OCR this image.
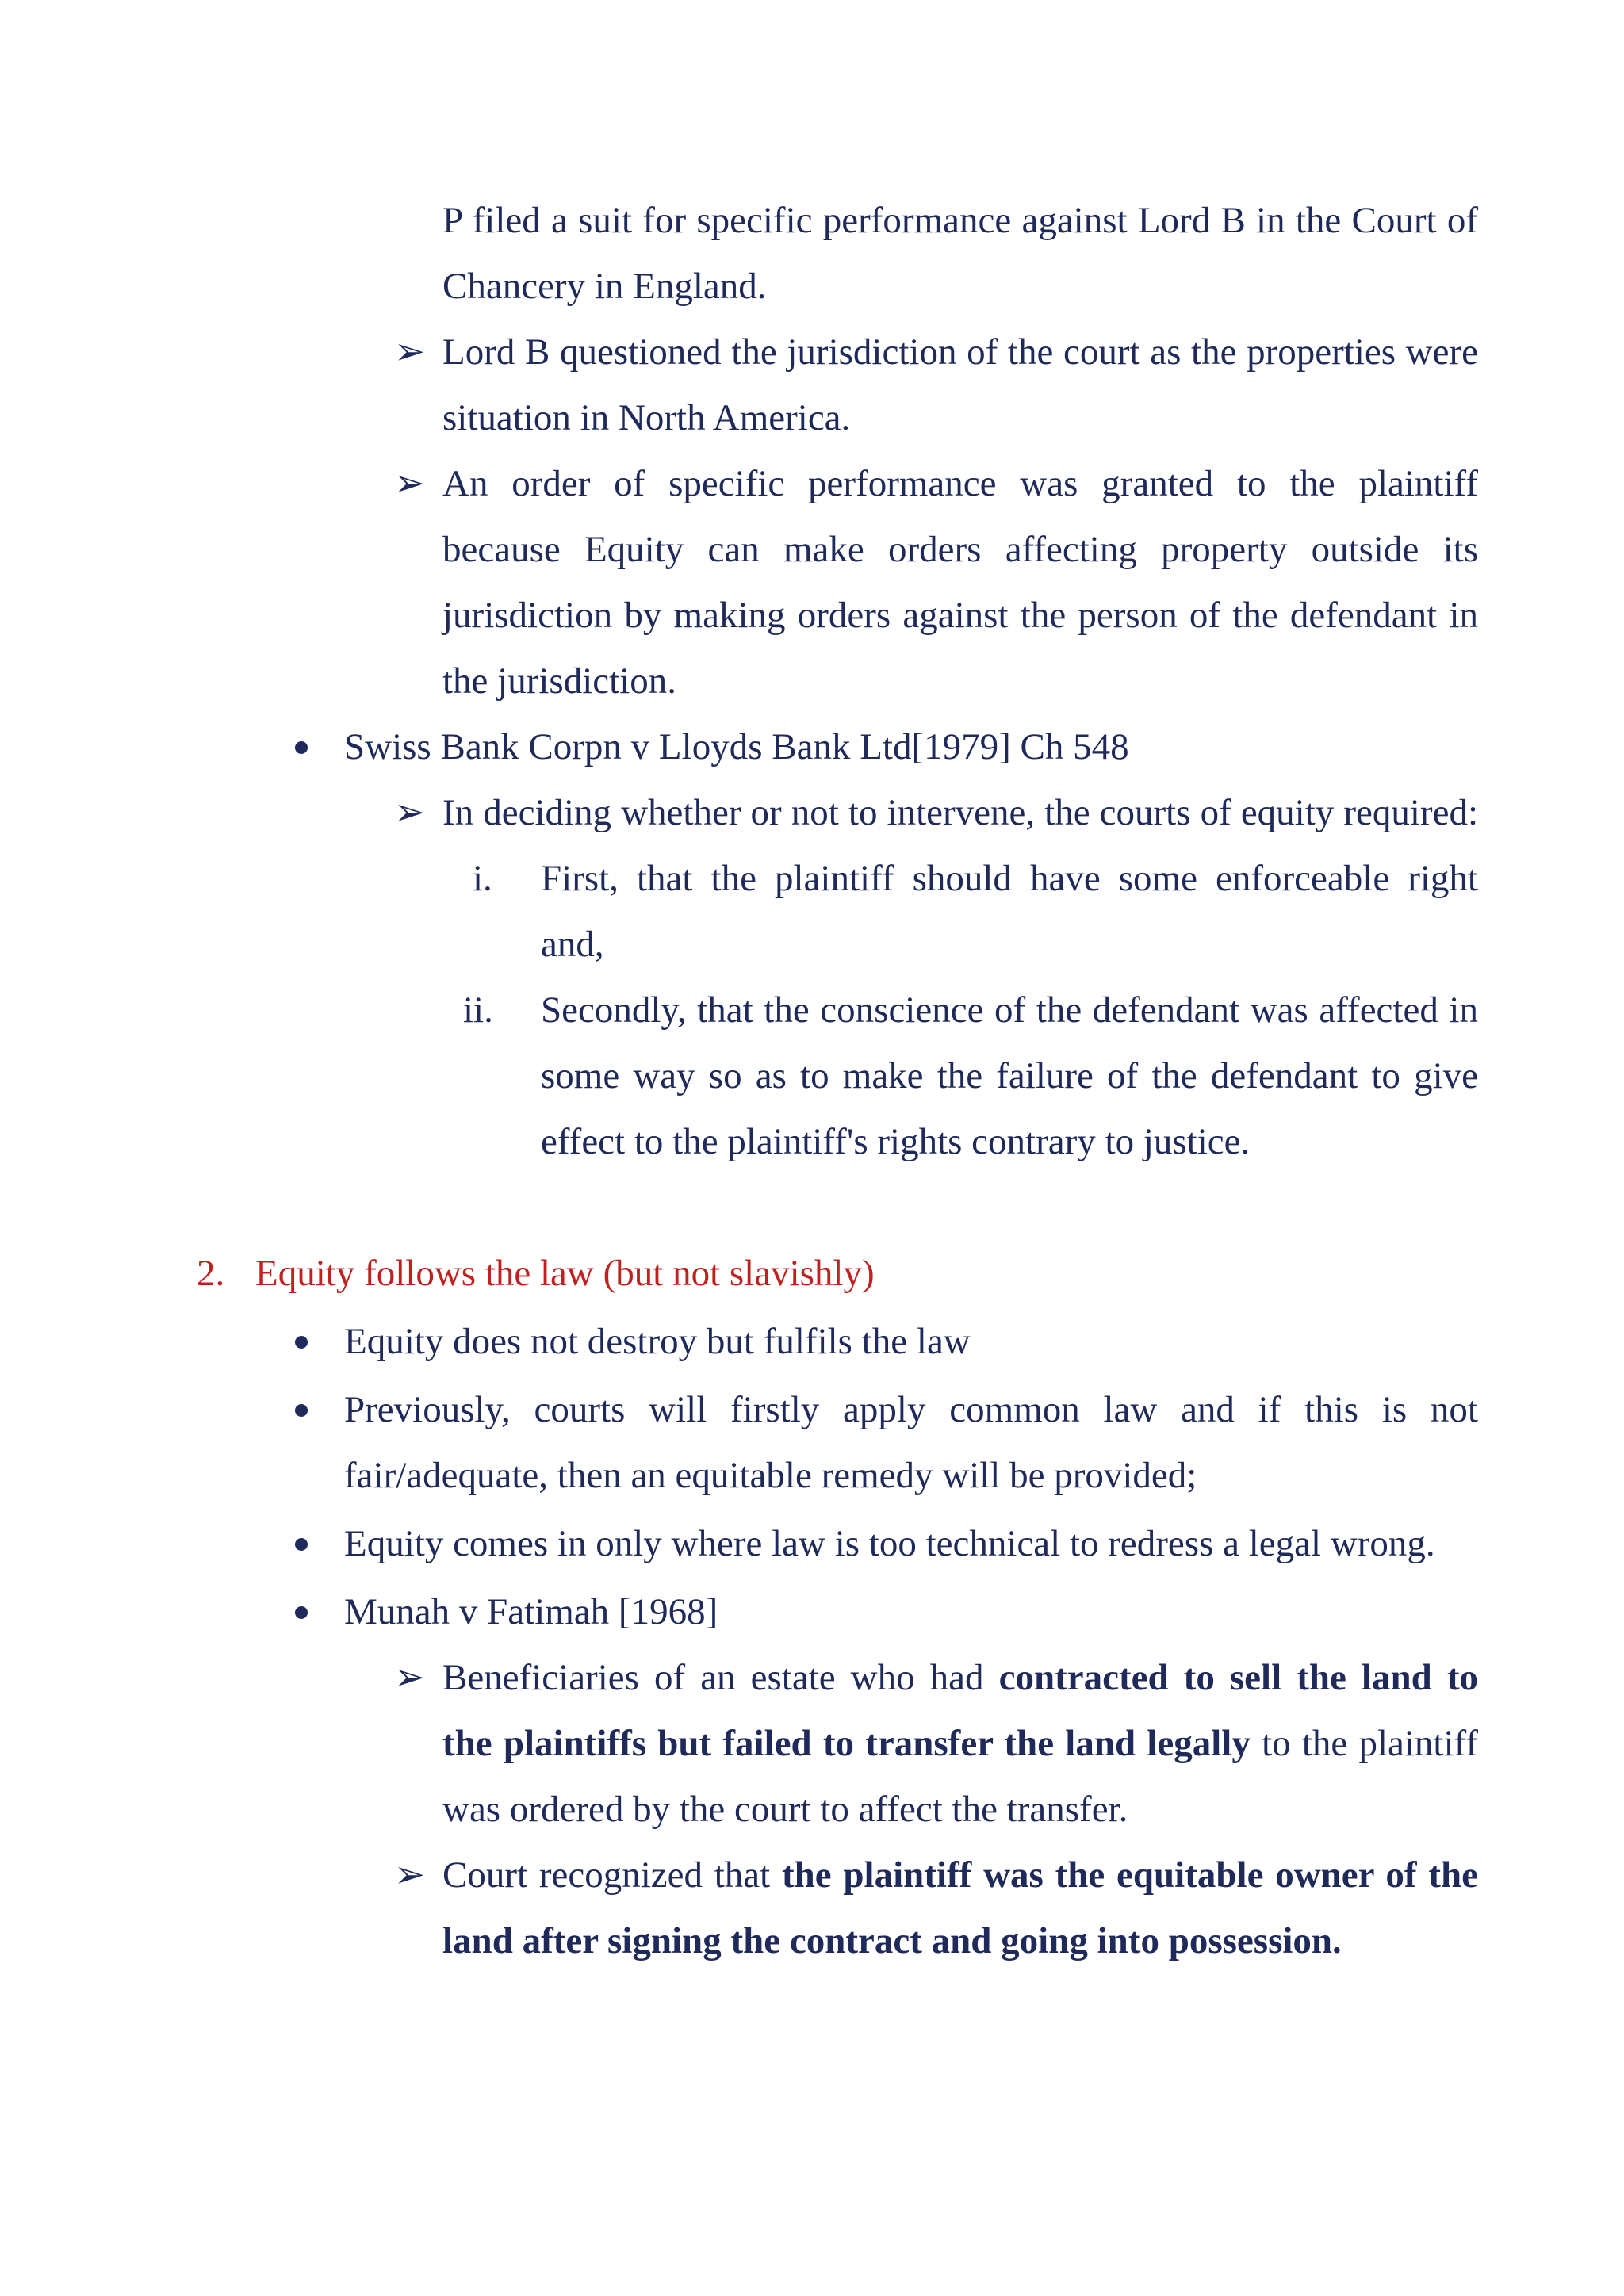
P filed a suit for specific performance against Lord B in the Court of
Chancery in England.
➢ Lord B questioned the jurisdiction of the court as the properties were
situation in North America.
➢ An order of specific performance was granted to the plaintiff
because Equity can make orders affecting property outside its
jurisdiction by making orders against the person of the defendant in
the jurisdiction.
Swiss Bank Corpn v Lloyds Bank Ltd[1979] Ch 548
➢ In deciding whether or not to intervene, the courts of equity required:
i. First, that the plaintiff should have some enforceable right
and,
ii. Secondly, that the conscience of the defendant was affected in
some way so as to make the failure of the defendant to give
effect to the plaintiff's rights contrary to justice.
2. Equity follows the law (but not slavishly)
Equity does not destroy but fulfils the law
Previously, courts will firstly apply common law and if this is not
fair/adequate, then an equitable remedy will be provided;
Equity comes in only where law is too technical to redress a legal wrong.
Munah v Fatimah [1968]
➢ Beneficiaries of an estate who had contracted to sell the land to
the plaintiffs but failed to transfer the land legally to the plaintiff
was ordered by the court to affect the transfer.
➢ Court recognized that the plaintiff was the equitable owner of the
land after signing the contract and going into possession.
